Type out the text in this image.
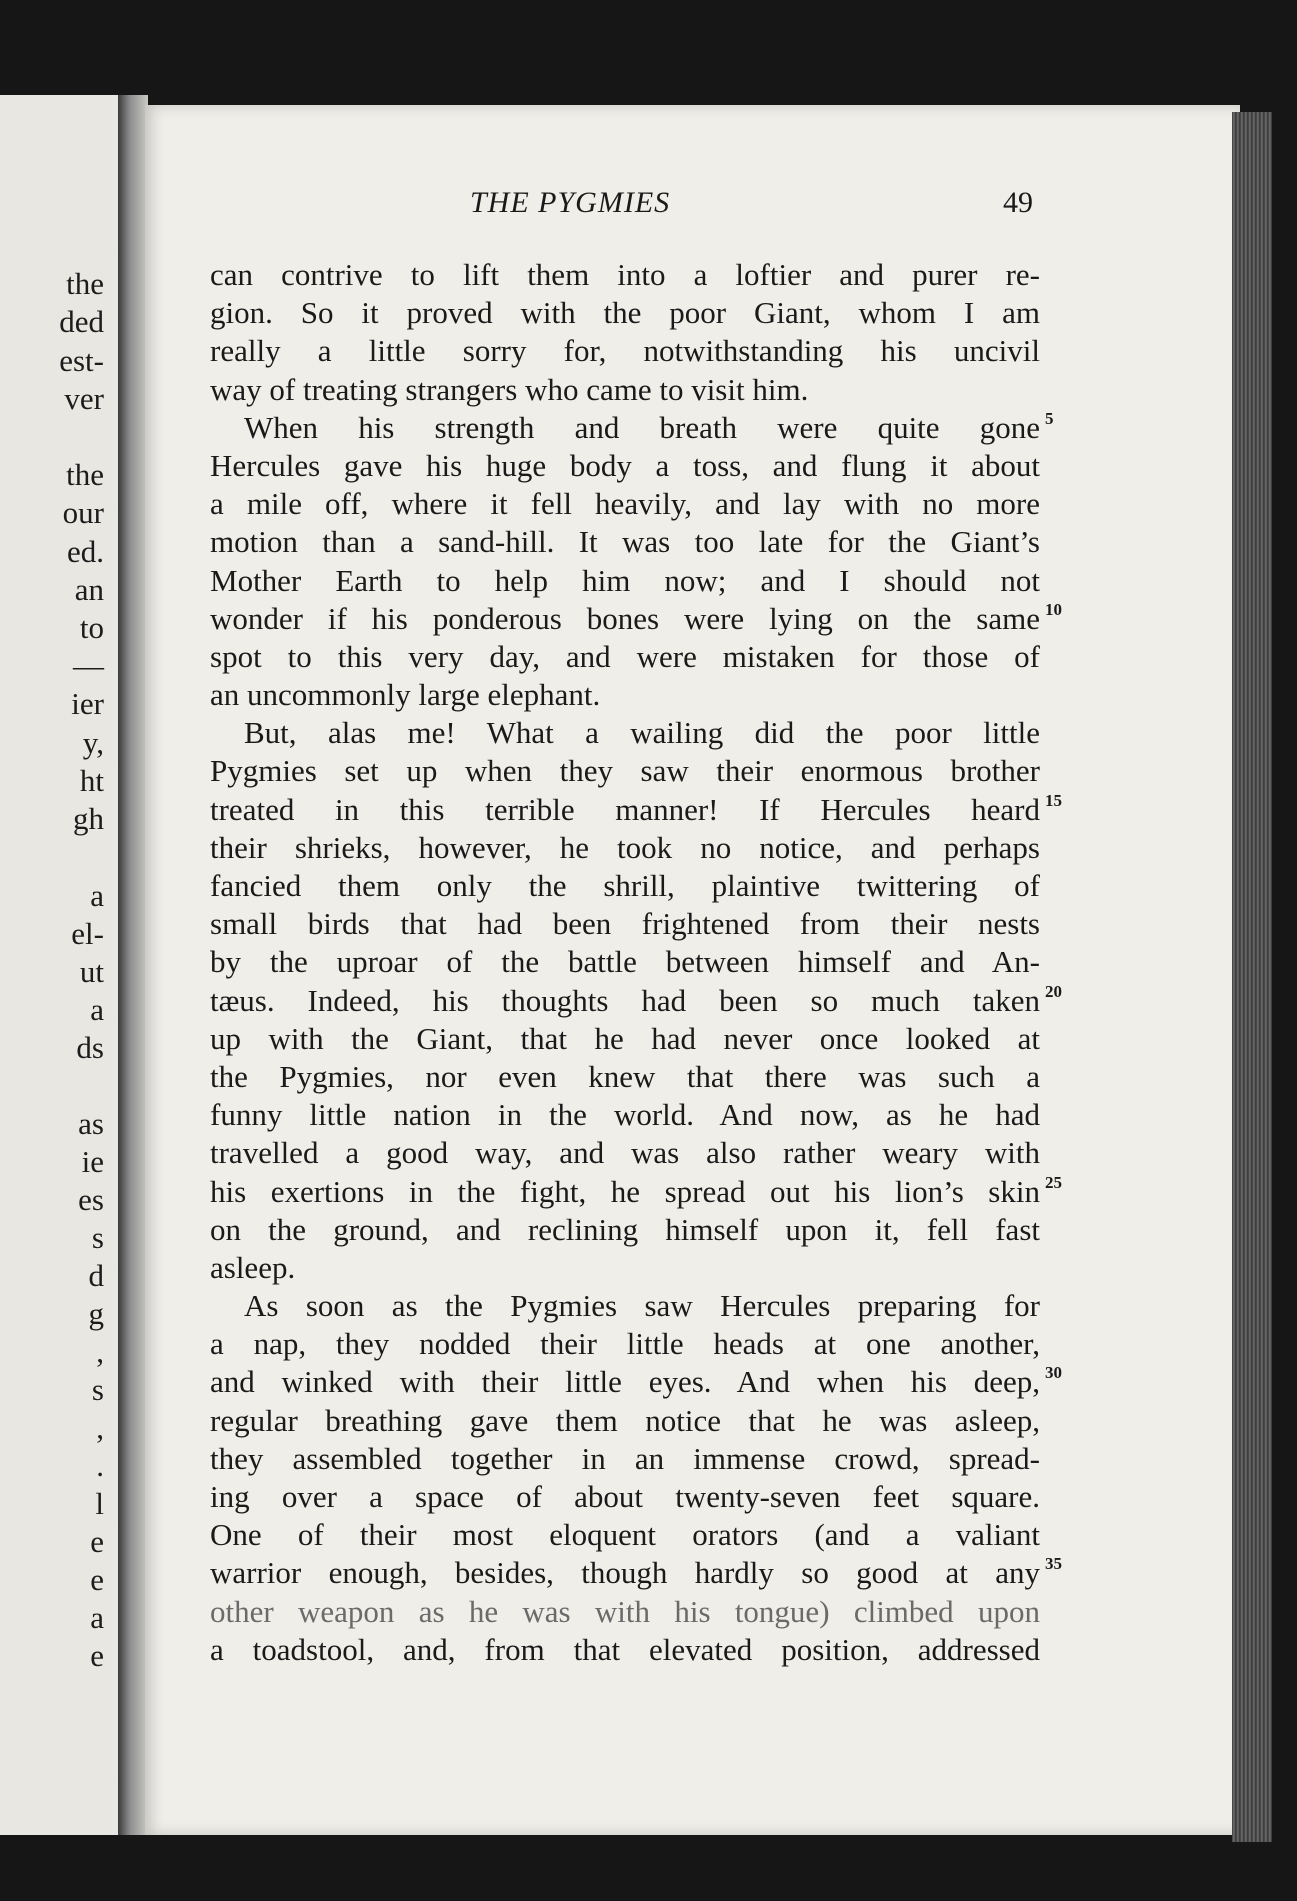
the
ded
est-
ver
the
our
ed.
an
to
—
ier
y,
ht
gh
a
el-
ut
a
ds
as
ie
es
s
d
g
,
s
,
.
l
e
e
a
e
THE PYGMIES	49
can contrive to lift them into a loftier and purer re-
gion. So it proved with the poor Giant, whom I am
really a little sorry for, notwithstanding his uncivil
way of treating strangers who came to visit him.
When his strength and breath were quite gone 5
Hercules gave his huge body a toss, and flung it about
a mile off, where it fell heavily, and lay with no more
motion than a sand-hill. It was too late for the Giant’s
Mother Earth to help him now; and I should not
wonder if his ponderous bones were lying on the same 10
spot to this very day, and were mistaken for those of
an uncommonly large elephant.
But, alas me! What a wailing did the poor little
Pygmies set up when they saw their enormous brother
treated in this terrible manner! If Hercules heard 15
their shrieks, however, he took no notice, and perhaps
fancied them only the shrill, plaintive twittering of
small birds that had been frightened from their nests
by the uproar of the battle between himself and An-
tæus. Indeed, his thoughts had been so much taken 20
up with the Giant, that he had never once looked at
the Pygmies, nor even knew that there was such a
funny little nation in the world. And now, as he had
travelled a good way, and was also rather weary with
his exertions in the fight, he spread out his lion’s skin 25
on the ground, and reclining himself upon it, fell fast
asleep.
As soon as the Pygmies saw Hercules preparing for
a nap, they nodded their little heads at one another,
and winked with their little eyes. And when his deep, 30
regular breathing gave them notice that he was asleep,
they assembled together in an immense crowd, spread-
ing over a space of about twenty-seven feet square.
One of their most eloquent orators (and a valiant
warrior enough, besides, though hardly so good at any 35
other weapon as he was with his tongue) climbed upon
a toadstool, and, from that elevated position, addressed
